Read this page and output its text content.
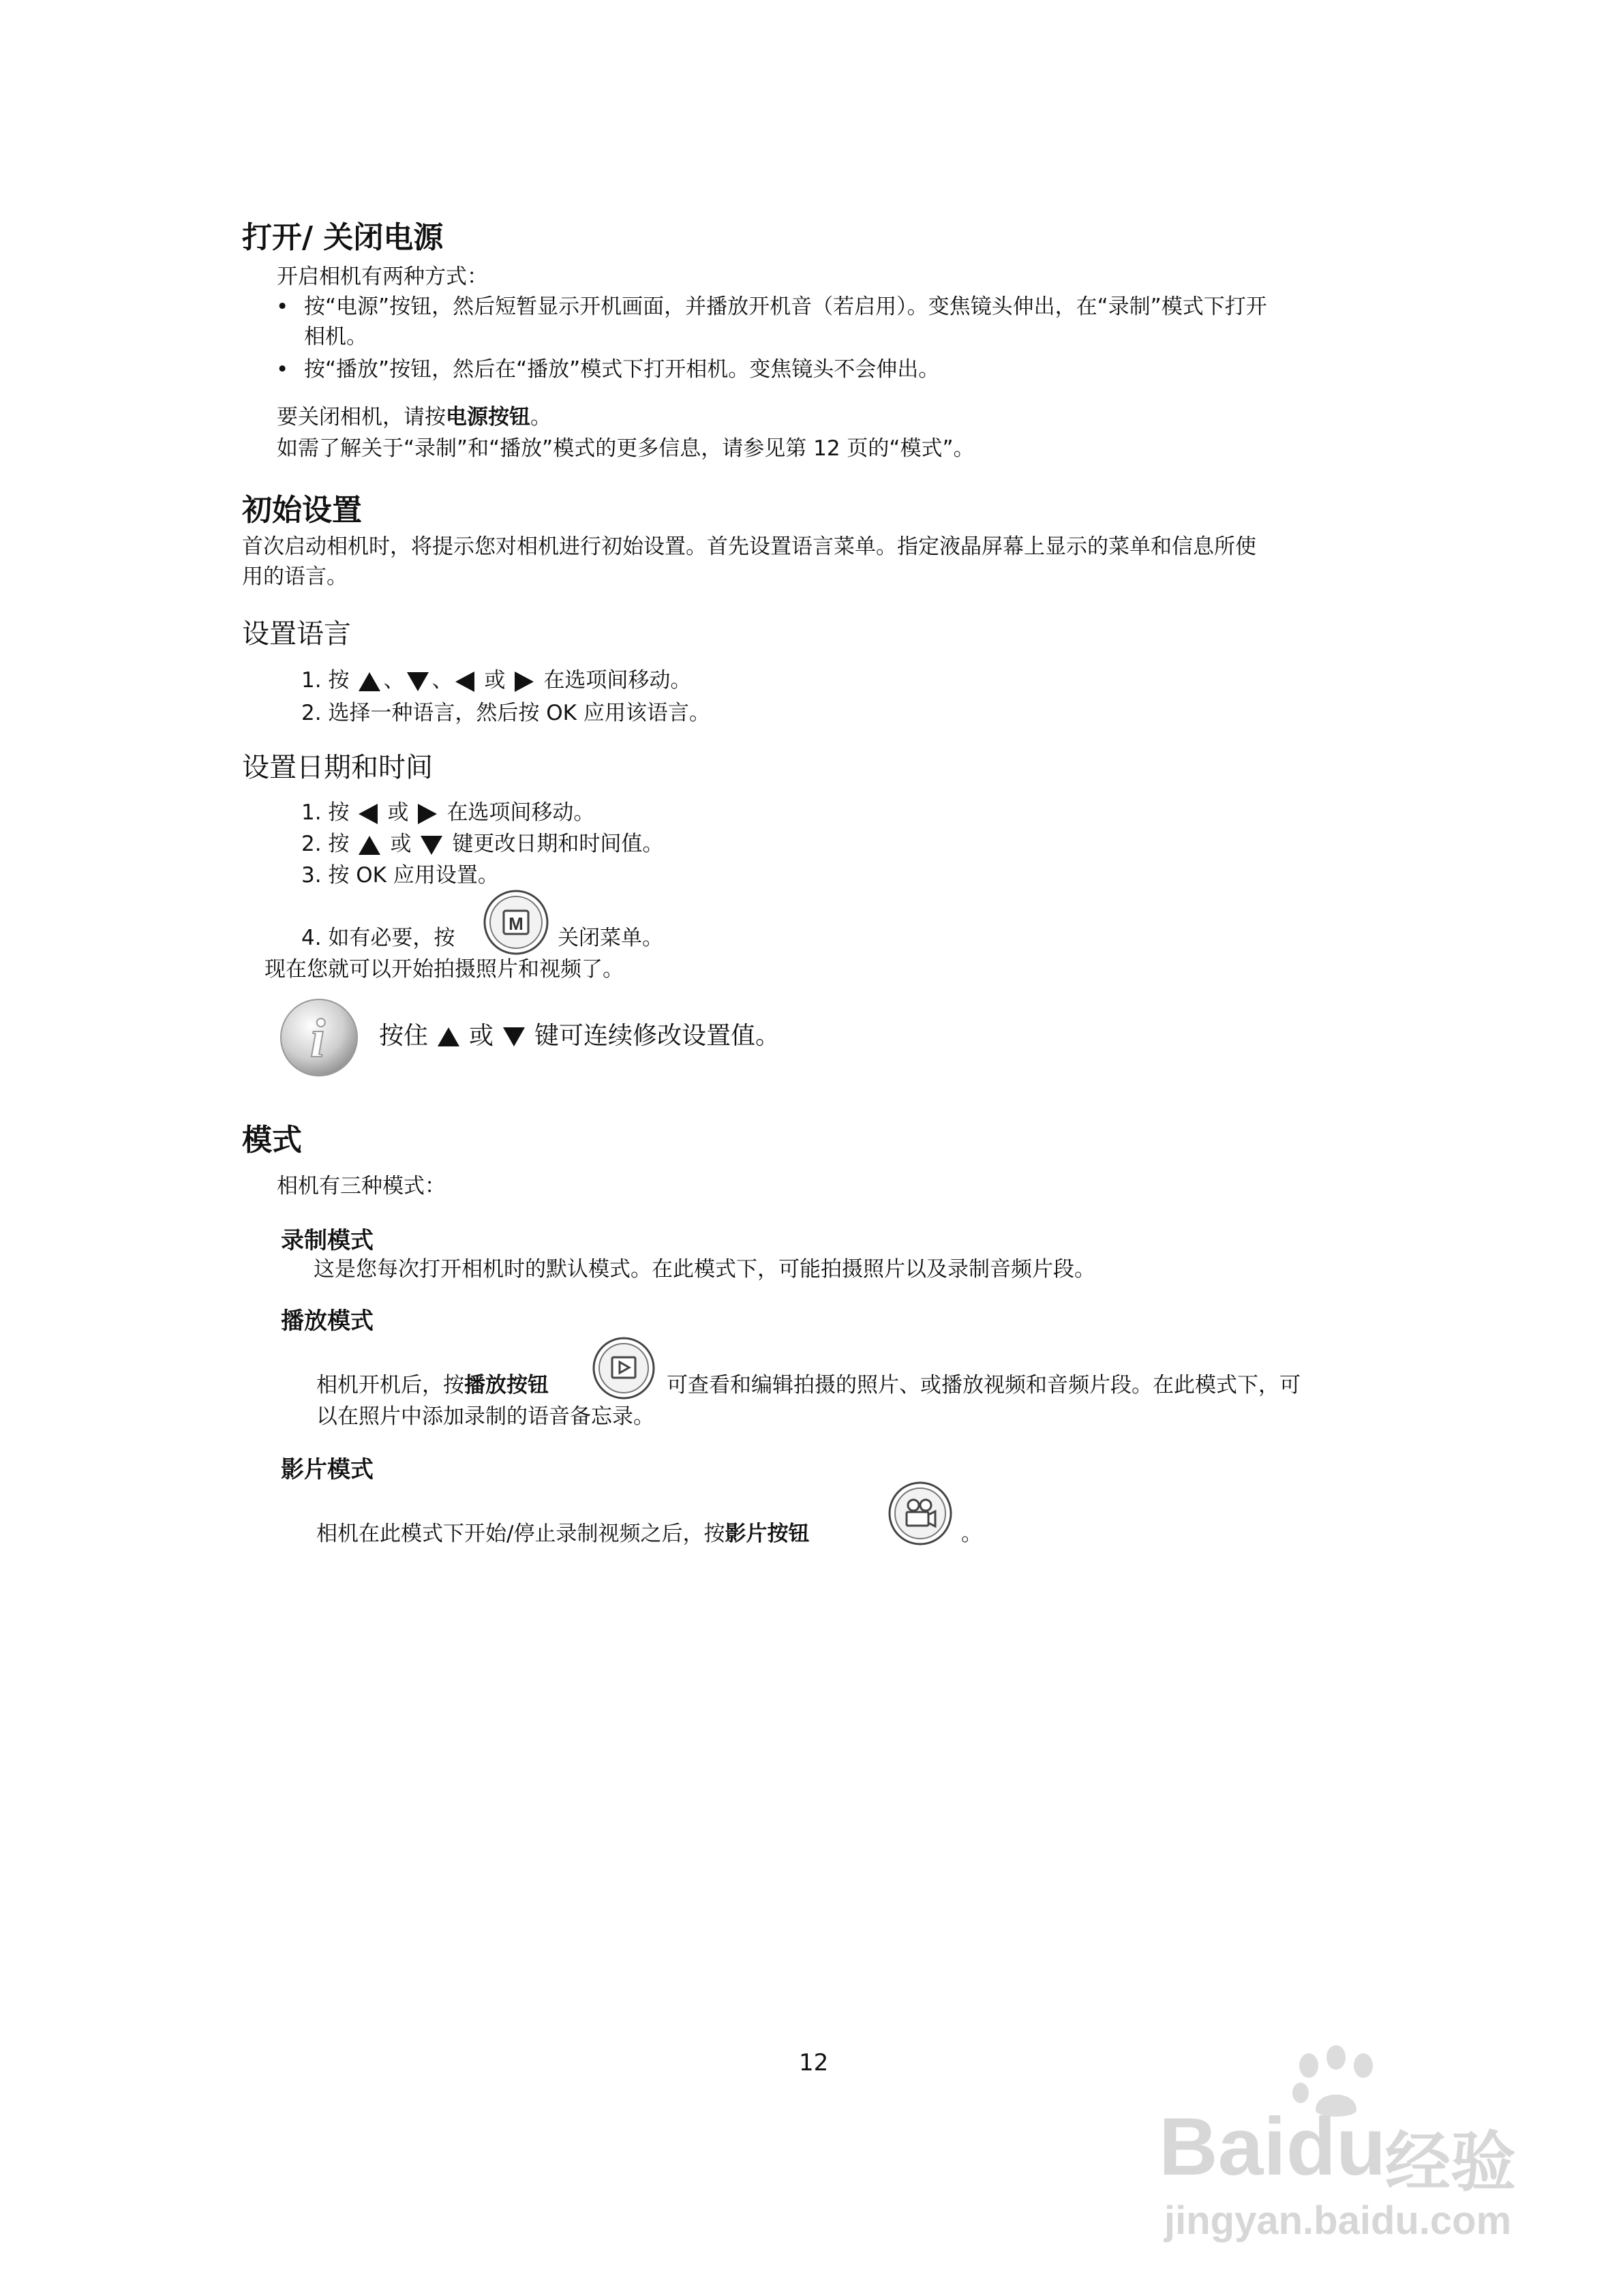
打开/ 关闭电源
开启相机有两种方式：
• 按“电源”按钮，然后短暂显示开机画面，并播放开机音（若启用）。变焦镜头伸出，在“录制”模式下打开
相机。
• 按“播放”按钮，然后在“播放”模式下打开相机。变焦镜头不会伸出。
要关闭相机，请按电源按钮。
如需了解关于“录制”和“播放”模式的更多信息，请参见第 12 页的“模式”。
初始设置
首次启动相机时，将提示您对相机进行初始设置。首先设置语言菜单。指定液晶屏幕上显示的菜单和信息所使
用的语言。
设置语言
1. 按 、 、 或 在选项间移动。
2. 选择一种语言，然后按 OK 应用该语言。
设置日期和时间
1. 按 或 在选项间移动。
2. 按 或 键更改日期和时间值。
3. 按 OK 应用设置。
4. 如有必要，按
M
关闭菜单。
现在您就可以开始拍摄照片和视频了。
i 按住 或 键可连续修改设置值。
模式
相机有三种模式：
录制模式
这是您每次打开相机时的默认模式。在此模式下，可能拍摄照片以及录制音频片段。
播放模式
相机开机后，按播放按钮	可查看和编辑拍摄的照片、或播放视频和音频片段。在此模式下，可
以在照片中添加录制的语音备忘录。
影片模式
相机在此模式下开始/停止录制视频之后，按影片按钮	。
12
Baidu
经验
jingyan.baidu.com
